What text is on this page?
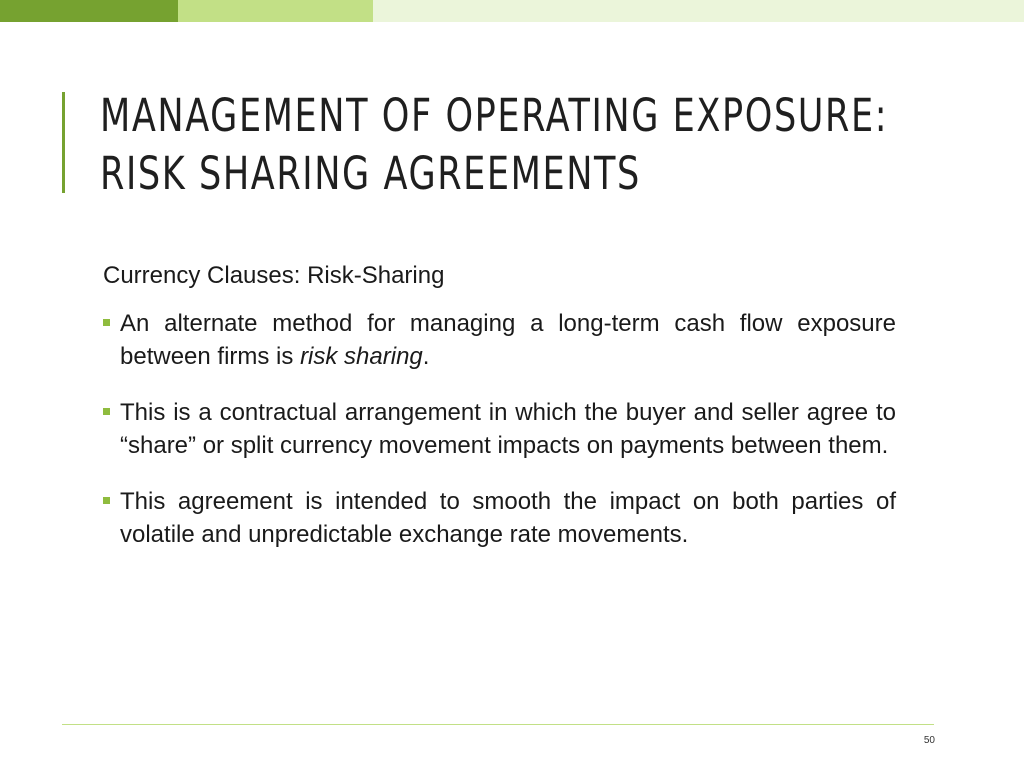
MANAGEMENT OF OPERATING EXPOSURE:
RISK SHARING AGREEMENTS

Currency Clauses: Risk-Sharing

An alternate method for managing a long-term cash flow exposure between firms is risk sharing.
This is a contractual arrangement in which the buyer and seller agree to “share” or split currency movement impacts on payments between them.
This agreement is intended to smooth the impact on both parties of volatile and unpredictable exchange rate movements.
50
